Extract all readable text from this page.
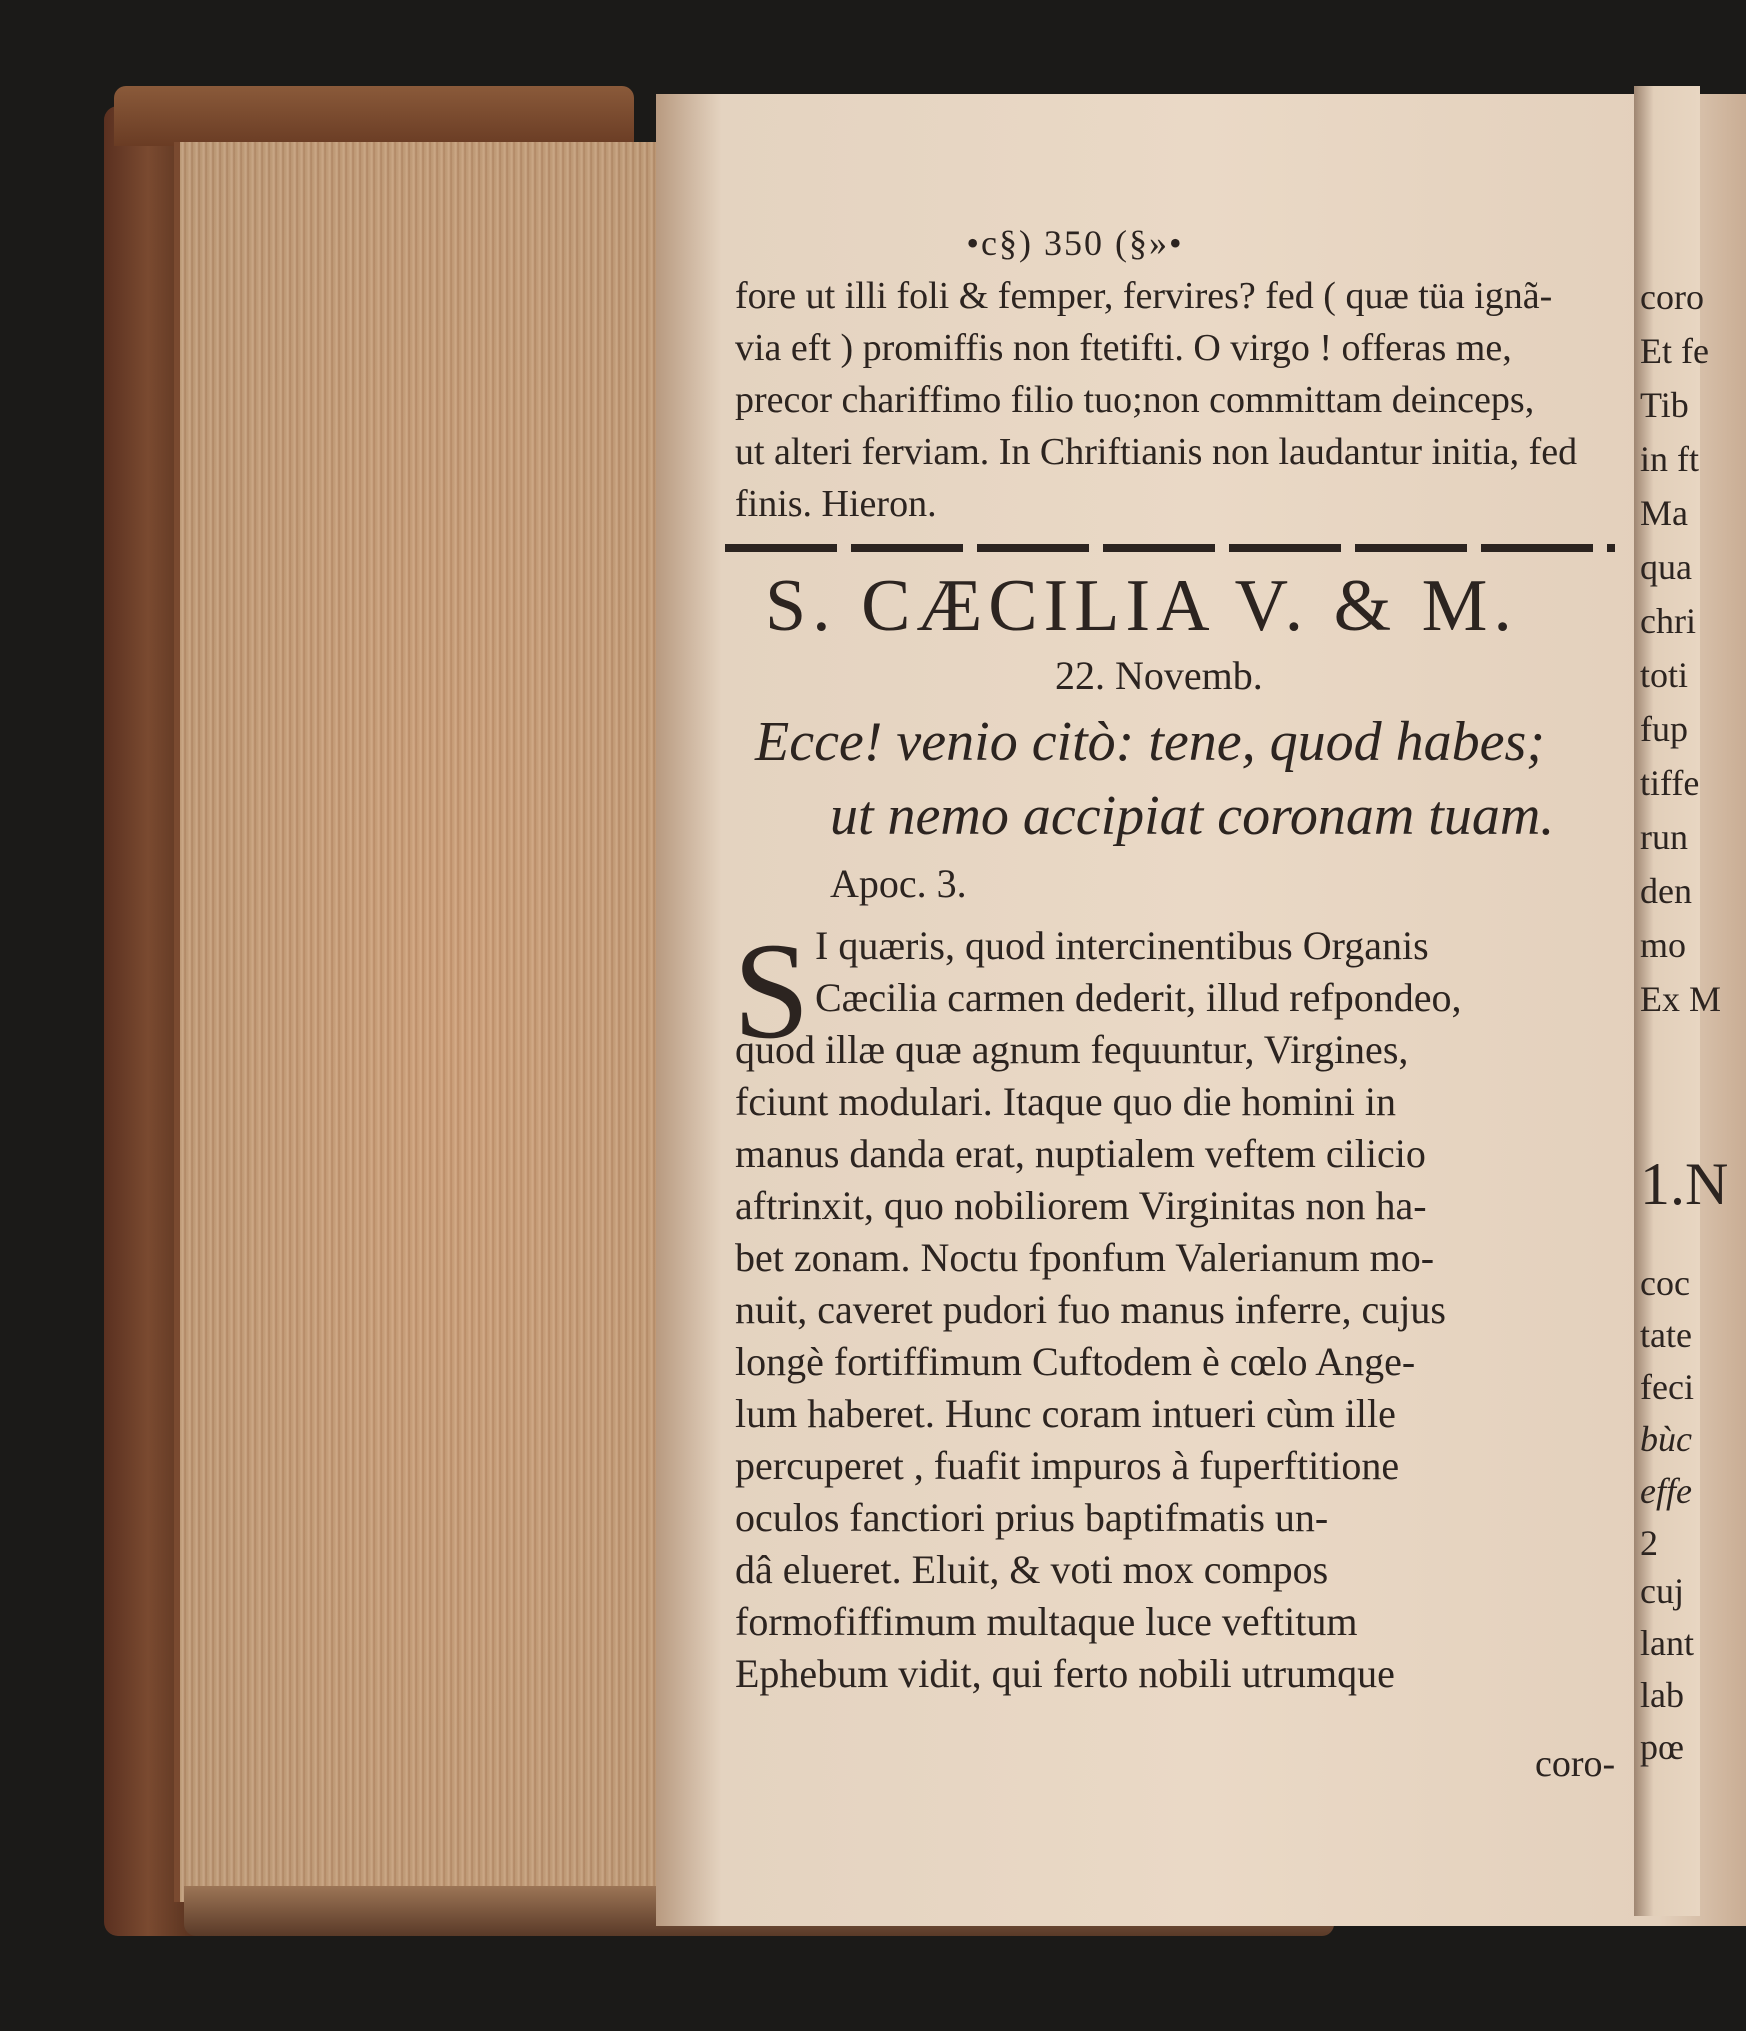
•c§) 350 (§»•
fore ut illi foli & femper, fervires? fed ( quæ tüa ignã-
via eft ) promiffis non ftetifti. O virgo ! offeras me,
precor chariffimo filio tuo;non committam deinceps,
ut alteri ferviam. In Chriftianis non laudantur initia, fed
finis. Hieron.
S. CÆCILIA V. & M.
22. Novemb.
Ecce! venio citò: tene, quod habes;
ut nemo accipiat coronam tuam.
Apoc. 3.
S I quæris, quod intercinentibus Organis
Cæcilia carmen dederit, illud refpondeo,
quod illæ quæ agnum fequuntur, Virgines,
fciunt modulari. Itaque quo die homini in
manus danda erat, nuptialem veftem cilicio
aftrinxit, quo nobiliorem Virginitas non ha-
bet zonam. Noctu fponfum Valerianum mo-
nuit, caveret pudori fuo manus inferre, cujus
longè fortiffimum Cuftodem è cœlo Ange-
lum haberet. Hunc coram intueri cùm ille
percuperet , fuafit impuros à fuperftitione
oculos fanctiori prius baptifmatis un-
dâ elueret. Eluit, & voti mox compos
formofiffimum multaque luce veftitum
Ephebum vidit, qui ferto nobili utrumque
coro-
coro
Et fe
Tib
in ft
Ma
qua
chri
toti
fup
tiffe
run
den
mo
Ex M
1.N
coc
tate
feci
bùc
effe
2
cuj
lant
lab
pœ
